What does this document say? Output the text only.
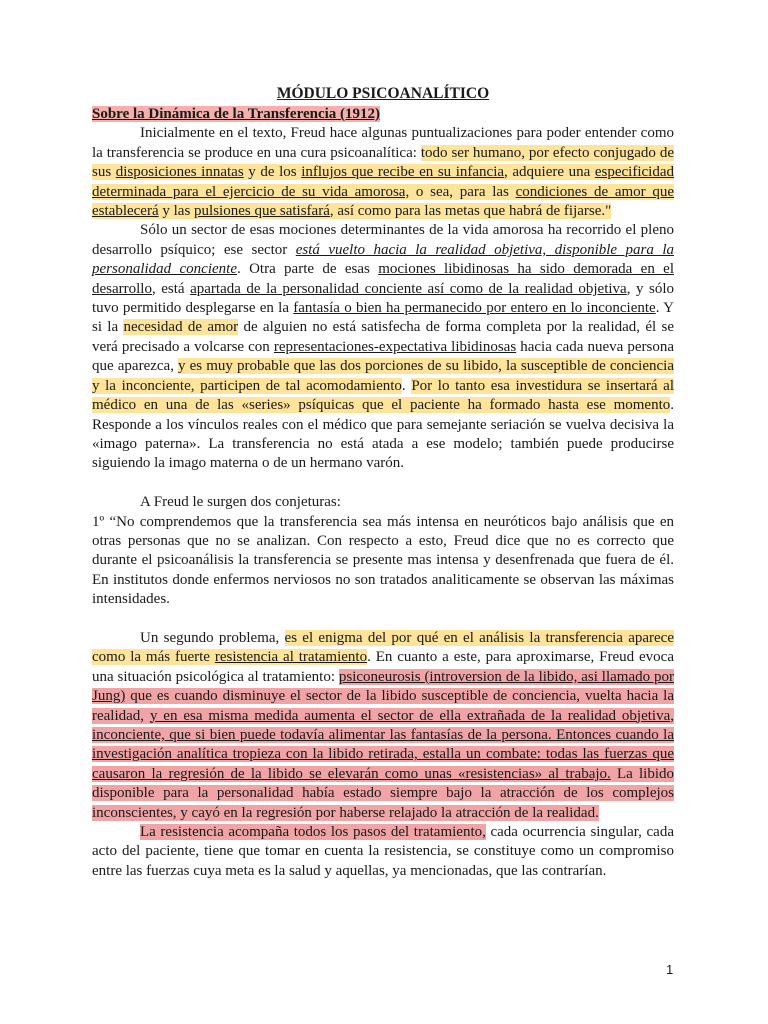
MÓDULO PSICOANALÍTICO
Sobre la Dinámica de la Transferencia (1912)

Inicialmente en el texto, Freud hace algunas puntualizaciones para poder entender como la transferencia se produce en una cura psicoanalítica: todo ser humano, por efecto conjugado de sus disposiciones innatas y de los influjos que recibe en su infancia, adquiere una especificidad determinada para el ejercicio de su vida amorosa, o sea, para las condiciones de amor que establecerá y las pulsiones que satisfará, así como para las metas que habrá de fijarse."

Sólo un sector de esas mociones determinantes de la vida amorosa ha recorrido el pleno desarrollo psíquico; ese sector está vuelto hacia la realidad objetiva, disponible para la personalidad conciente. Otra parte de esas mociones libidinosas ha sido demorada en el desarrollo, está apartada de la personalidad conciente así como de la realidad objetiva, y sólo tuvo permitido desplegarse en la fantasía o bien ha permanecido por entero en lo inconciente. Y si la necesidad de amor de alguien no está satisfecha de forma completa por la realidad, él se verá precisado a volcarse con representaciones-expectativa libidinosas hacia cada nueva persona que aparezca, y es muy probable que las dos porciones de su libido, la susceptible de conciencia y la inconciente, participen de tal acomodamiento. Por lo tanto esa investidura se insertará al médico en una de las «series» psíquicas que el paciente ha formado hasta ese momento. Responde a los vínculos reales con el médico que para semejante seriación se vuelva decisiva la «imago paterna». La transferencia no está atada a ese modelo; también puede producirse siguiendo la imago materna o de un hermano varón.

A Freud le surgen dos conjeturas:

1º “No comprendemos que la transferencia sea más intensa en neuróticos bajo análisis que en otras personas que no se analizan. Con respecto a esto, Freud dice que no es correcto que durante el psicoanálisis la transferencia se presente mas intensa y desenfrenada que fuera de él. En institutos donde enfermos nerviosos no son tratados analiticamente se observan las máximas intensidades.

Un segundo problema, es el enigma del por qué en el análisis la transferencia aparece como la más fuerte resistencia al tratamiento. En cuanto a este, para aproximarse, Freud evoca una situación psicológica al tratamiento: psiconeurosis (introversion de la libido, asi llamado por Jung) que es cuando disminuye el sector de la libido susceptible de conciencia, vuelta hacia la realidad, y en esa misma medida aumenta el sector de ella extrañada de la realidad objetiva, inconciente, que si bien puede todavía alimentar las fantasías de la persona. Entonces cuando la investigación analítica tropieza con la libido retirada, estalla un combate: todas las fuerzas que causaron la regresión de la libido se elevarán como unas «resistencias» al trabajo. La libido disponible para la personalidad había estado siempre bajo la atracción de los complejos inconscientes, y cayó en la regresión por haberse relajado la atracción de la realidad.

La resistencia acompaña todos los pasos del tratamiento, cada ocurrencia singular, cada acto del paciente, tiene que tomar en cuenta la resistencia, se constituye como un compromiso entre las fuerzas cuya meta es la salud y aquellas, ya mencionadas, que las contrarían.

1
